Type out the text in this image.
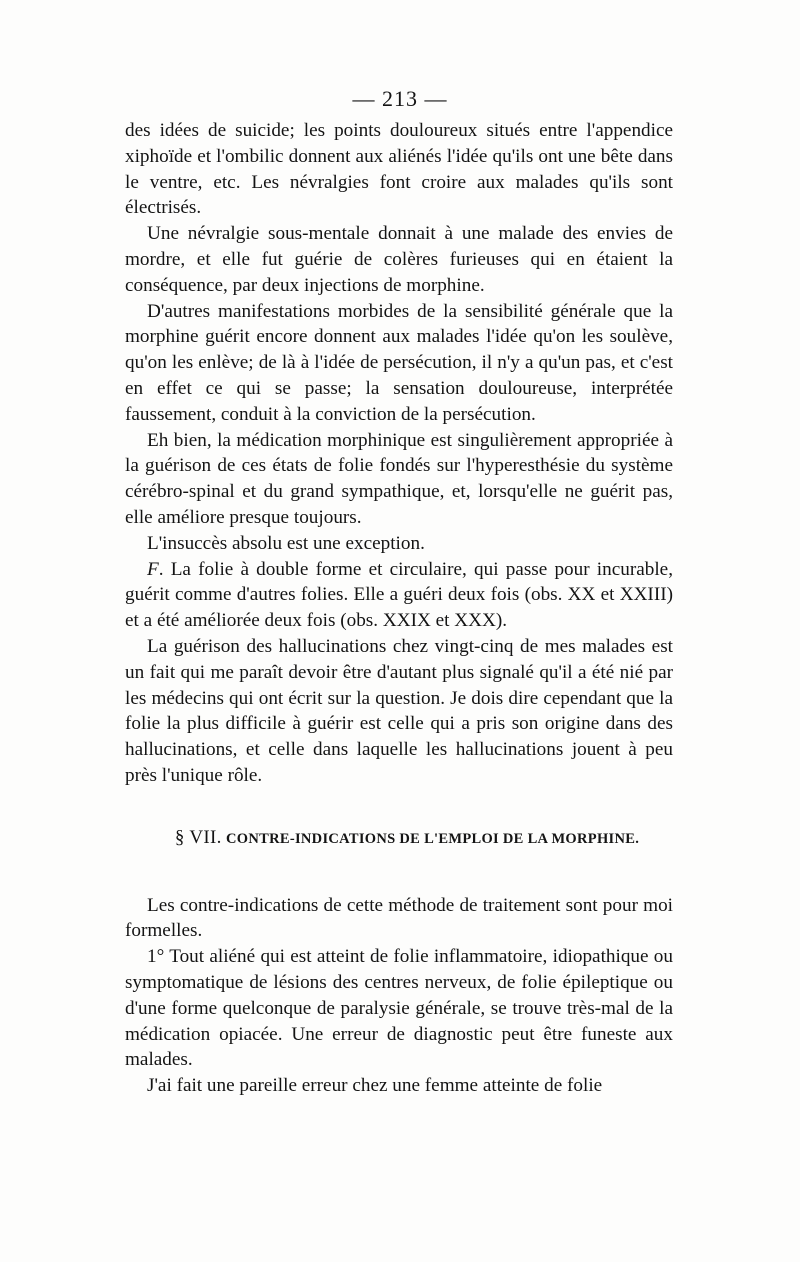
— 213 —

des idées de suicide; les points douloureux situés entre l'appendice xiphoïde et l'ombilic donnent aux aliénés l'idée qu'ils ont une bête dans le ventre, etc. Les névralgies font croire aux malades qu'ils sont électrisés.

Une névralgie sous-mentale donnait à une malade des envies de mordre, et elle fut guérie de colères furieuses qui en étaient la conséquence, par deux injections de morphine.

D'autres manifestations morbides de la sensibilité générale que la morphine guérit encore donnent aux malades l'idée qu'on les soulève, qu'on les enlève; de là à l'idée de persécution, il n'y a qu'un pas, et c'est en effet ce qui se passe; la sensation douloureuse, interprétée faussement, conduit à la conviction de la persécution.

Eh bien, la médication morphinique est singulièrement appropriée à la guérison de ces états de folie fondés sur l'hyperesthésie du système cérébro-spinal et du grand sympathique, et, lorsqu'elle ne guérit pas, elle améliore presque toujours.

L'insuccès absolu est une exception.

F. La folie à double forme et circulaire, qui passe pour incurable, guérit comme d'autres folies. Elle a guéri deux fois (obs. XX et XXIII) et a été améliorée deux fois (obs. XXIX et XXX).

La guérison des hallucinations chez vingt-cinq de mes malades est un fait qui me paraît devoir être d'autant plus signalé qu'il a été nié par les médecins qui ont écrit sur la question. Je dois dire cependant que la folie la plus difficile à guérir est celle qui a pris son origine dans des hallucinations, et celle dans laquelle les hallucinations jouent à peu près l'unique rôle.

§ VII. CONTRE-INDICATIONS DE L'EMPLOI DE LA MORPHINE.

Les contre-indications de cette méthode de traitement sont pour moi formelles.

1° Tout aliéné qui est atteint de folie inflammatoire, idiopathique ou symptomatique de lésions des centres nerveux, de folie épileptique ou d'une forme quelconque de paralysie générale, se trouve très-mal de la médication opiacée. Une erreur de diagnostic peut être funeste aux malades.

J'ai fait une pareille erreur chez une femme atteinte de folie
